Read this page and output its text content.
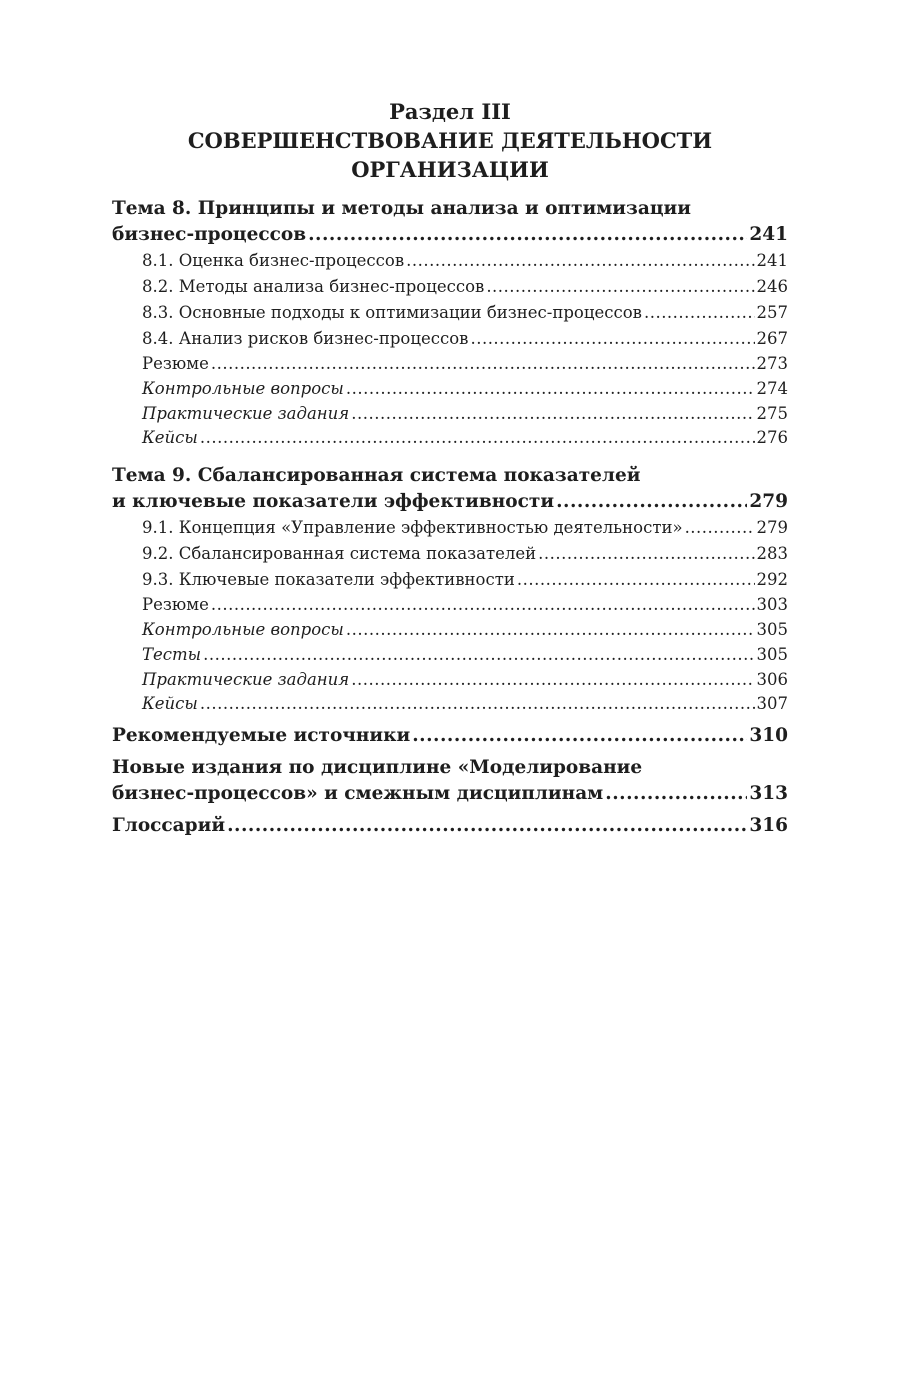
Раздел III
СОВЕРШЕНСТВОВАНИЕ ДЕЯТЕЛЬНОСТИ
ОРГАНИЗАЦИИ
Тема 8. Принципы и методы анализа и оптимизации
бизнес-процессов .....	241
8.1. Оценка бизнес-процессов .....	241
8.2. Методы анализа бизнес-процессов .....	246
8.3. Основные подходы к оптимизации бизнес-процессов .....	257
8.4. Анализ рисков бизнес-процессов .....	267
Резюме .....	273
Контрольные вопросы .....	274
Практические задания .....	275
Кейсы .....	276
Тема 9. Сбалансированная система показателей
и ключевые показатели эффективности .....	279
9.1. Концепция «Управление эффективностью деятельности» .....	279
9.2. Сбалансированная система показателей .....	283
9.3. Ключевые показатели эффективности .....	292
Резюме .....	303
Контрольные вопросы .....	305
Тесты .....	305
Практические задания .....	306
Кейсы .....	307
Рекомендуемые источники .....	310
Новые издания по дисциплине «Моделирование
бизнес-процессов» и смежным дисциплинам .....	313
Глоссарий .....	316
